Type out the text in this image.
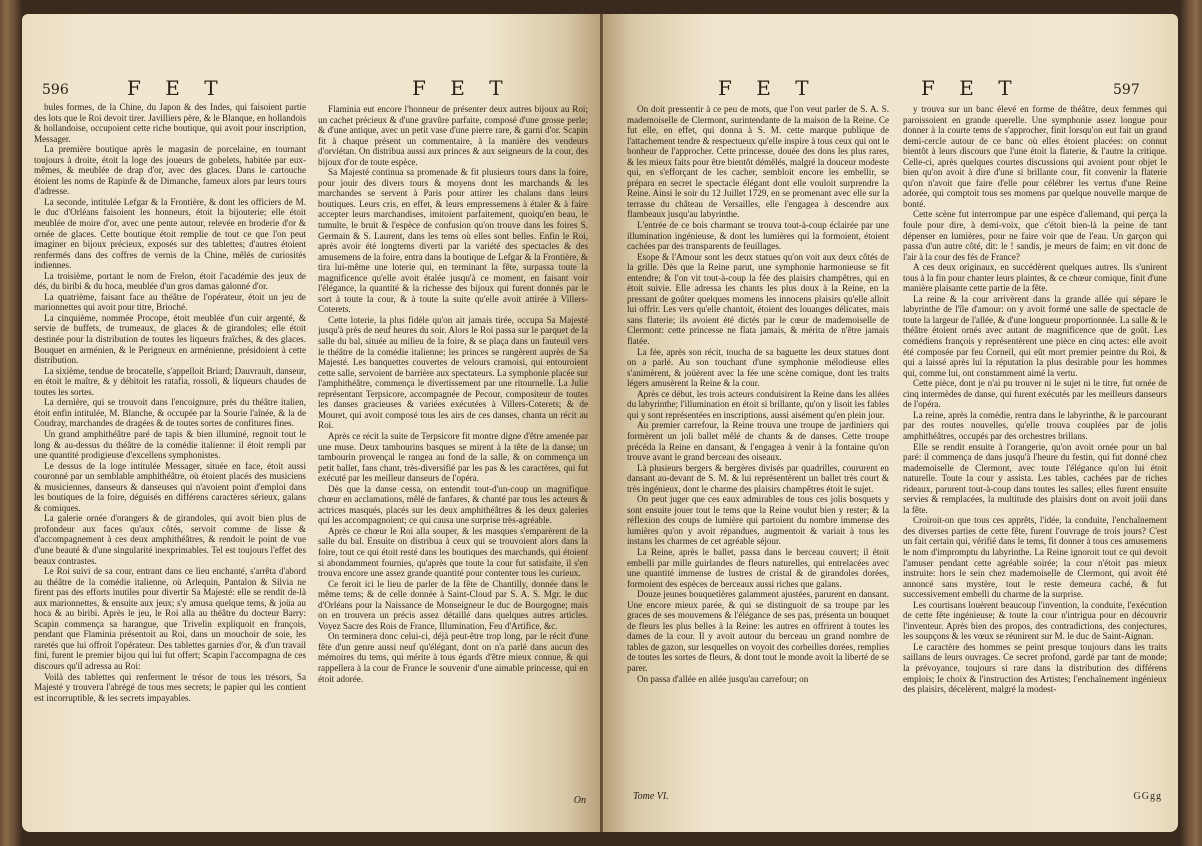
596	F E T	F E T

bules formes, de la Chine, du Japon & des Indes, qui faisoient partie des lots que le Roi devoit tirer. Javilliers père, & le Blanque, en hollandois & hollandoise, occupoient cette riche boutique, qui avoit pour inscription, Messager.

La première boutique après le magasin de porcelaine, en tournant toujours à droite, étoit la loge des joueurs de gobelets, habitée par eux-mêmes, & meublée de drap d'or, avec des glaces. Dans le cartouche étoient les noms de Rapinfe & de Dimanche, fameux alors par leurs tours d'adresse.

La seconde, intitulée Lefgar & la Frontière, & dont les officiers de M. le duc d'Orléans faisoient les honneurs, étoit la bijouterie; elle étoit meublée de moire d'or, avec une pente autour, relevée en broderie d'or & ornée de glaces. Cette boutique étoit remplie de tout ce que l'on peut imaginer en bijoux précieux, exposés sur des tablettes; d'autres étoient renfermés dans des coffres de vernis de la Chine, mêlés de curiosités indiennes.

La troisième, portant le nom de Frelon, étoit l'académie des jeux de dés, du biribi & du hoca, meublée d'un gros damas galonné d'or.

La quatrième, faisant face au théâtre de l'opérateur, étoit un jeu de marionnettes qui avoit pour titre, Brioché.

La cinquième, nommée Procope, étoit meublée d'un cuir argenté, & servie de buffets, de trumeaux, de glaces & de girandoles; elle étoit destinée pour la distribution de toutes les liqueurs fraîches, & des glaces. Bouquet en arménien, & le Perigneux en arménienne, présidoient à cette distribution.

La sixième, tendue de brocatelle, s'appelloit Briard; Dauvrault, danseur, en étoit le maître, & y débitoit les ratafia, rossoli, & liqueurs chaudes de toutes les sortes.

La dernière, qui se trouvoit dans l'encoignure, près du théâtre italien, étoit enfin intitulée, M. Blanche, & occupée par la Sourie l'aînée, & la de Coudray, marchandes de dragées & de toutes sortes de confitures fines.

Un grand amphithéâtre paré de tapis & bien illuminé, regnoit tout le long & au-dessus du théâtre de la comédie italienne: il étoit rempli par une quantité prodigieuse d'excellens symphonistes.

Le dessus de la loge intitulée Messager, située en face, étoit aussi couronné par un semblable amphithéâtre, où étoient placés des musiciens & musiciennes, danseurs & danseuses qui n'avoient point d'emploi dans les boutiques de la foire, déguisés en différens caractères sérieux, galans & comiques.

La galerie ornée d'orangers & de girandoles, qui avoit bien plus de profondeur aux faces qu'aux côtés, servoit comme de lisse & d'accompagnement à ces deux amphithéâtres, & rendoit le point de vue d'une beauté & d'une singularité inexprimables. Tel est toujours l'effet des beaux contrastes.

Le Roi suivi de sa cour, entrant dans ce lieu enchanté, s'arrêta d'abord au théâtre de la comédie italienne, où Arlequin, Pantalon & Silvia ne firent pas des efforts inutiles pour divertir Sa Majesté: elle se rendit de-là aux marionnettes, & ensuite aux jeux; s'y amusa quelque tems, & joüa au hoca & au biribi. Après le jeu, le Roi alla au théâtre du docteur Barry: Scapin commença sa harangue, que Trivelin expliquoit en françois, pendant que Flaminia présentoit au Roi, dans un mouchoir de soie, les raretés que lui offroit l'opérateur. Des tablettes garnies d'or, & d'un travail fini, furent le premier bijou qui lui fut offert; Scapin l'accompagna de ces discours qu'il adressa au Roi:

Voilà des tablettes qui renferment le trésor de tous les trésors, Sa Majesté y trouvera l'abrégé de tous mes secrets; le papier qui les contient est incorruptible, & les secrets impayables.

Flaminia eut encore l'honneur de présenter deux autres bijoux au Roi; un cachet précieux & d'une gravûre parfaite, composé d'une grosse perle; & d'une antique, avec un petit vase d'une pierre rare, & garni d'or. Scapin fit à chaque présent un commentaire, à la manière des vendeurs d'orviétan. On distribua aussi aux princes & aux seigneurs de la cour, des bijoux d'or de toute espèce.

Sa Majesté continua sa promenade & fit plusieurs tours dans la foire, pour jouir des divers tours & moyens dont les marchands & les marchandes se servent à Paris pour attirer les chalans dans leurs boutiques. Leurs cris, en effet, & leurs empressemens à étaler & à faire accepter leurs marchandises, imitoient parfaitement, quoiqu'en beau, le tumulte, le bruit & l'espèce de confusion qu'on trouve dans les foires S. Germain & S. Laurent, dans les tems où elles sont belles. Enfin le Roi, après avoir été longtems diverti par la variété des spectacles & des amusemens de la foire, entra dans la boutique de Lefgar & la Frontière, & tira lui-même une loterie qui, en terminant la fête, surpassa toute la magnificence qu'elle avoit étalée jusqu'à ce moment, en faisant voir l'élégance, la quantité & la richesse des bijoux qui furent donnés par le sort à toute la cour, & à toute la suite qu'elle avoit attirée à Villers-Coterets.

Cette loterie, la plus fidèle qu'on ait jamais tirée, occupa Sa Majesté jusqu'à près de neuf heures du soir. Alors le Roi passa sur le parquet de la salle du bal, située au milieu de la foire, & se plaça dans un fauteuil vers le théâtre de la comédie italienne; les princes se rangèrent auprès de Sa Majesté. Les banquettes couvertes de velours cramoisi, qui entouroient cette salle, servoient de barrière aux spectateurs. La symphonie placée sur l'amphithéâtre, commença le divertissement par une ritournelle. La Julie représentant Terpsicore, accompagnée de Pecour, compositeur de toutes les danses gracieuses & variées exécutées à Villers-Coterets; & de Mouret, qui avoit composé tous les airs de ces danses, chanta un récit au Roi.

Après ce récit la suite de Terpsicore fit montre digne d'être amenée par une muse. Deux tambourins basques se mirent à la tête de la danse; un tambourin provençal le rangea au fond de la salle, & on commença un petit ballet, fans chant, très-diversifié par les pas & les caractères, qui fut exécuté par les meilleur danseurs de l'opéra.

Dès que la danse cessa, on entendit tout-d'un-coup un magnifique chœur en acclamations, mêlé de fanfares, & chanté par tous les acteurs & actrices masqués, placés sur les deux amphithéâtres & les deux galeries qui les accompagnoient; ce qui causa une surprise très-agréable.

Après ce chœur le Roi alla souper, & les masques s'emparèrent de la salle du bal. Ensuite on distribua à ceux qui se trouvoient alors dans la foire, tout ce qui étoit resté dans les boutiques des marchands, qui étoient si abondamment fournies, qu'après que toute la cour fut satisfaite, il s'en trouva encore une assez grande quantité pour contenter tous les curieux.

Ce feroit ici le lieu de parler de la fête de Chantilly, donnée dans le même tems; & de celle donnée à Saint-Cloud par S. A. S. Mgr. le duc d'Orléans pour la Naissance de Monseigneur le duc de Bourgogne; mais on en trouvera un précis assez détaillé dans quelques autres articles. Voyez Sacre des Rois de France, Illumination, Feu d'Artifice, &c.

On terminera donc celui-ci, déjà peut-être trop long, par le récit d'une fête d'un genre aussi neuf qu'élégant, dont on n'a parlé dans aucun des mémoires du tems, qui mérite à tous égards d'être mieux connue, & qui rappellera à la cour de France le souvenir d'une aimable princesse, qui en étoit adorée.

On
F E T	F E T	597

On doit pressentir à ce peu de mots, que l'on veut parler de S. A. S. mademoiselle de Clermont, surintendante de la maison de la Reine. Ce fut elle, en effet, qui donna à S. M. cette marque publique de l'attachement tendre & respectueux qu'elle inspire à tous ceux qui ont le bonheur de l'approcher. Cette princesse, douée des dons les plus rares, & les mieux faits pour être bientôt démêlés, malgré la douceur modeste qui, en s'efforçant de les cacher, sembloit encore les embellir, se prépara en secret le spectacle élégant dont elle vouloit surprendre la Reine. Ainsi le soir du 12 Juillet 1729, en se promenant avec elle sur la terrasse du château de Versailles, elle l'engagea à descendre aux flambeaux jusqu'au labyrinthe.

L'entrée de ce bois charmant se trouva tout-à-coup éclairée par une illumination ingénieuse, & dont les lumières qui la formoient, étoient cachées par des transparents de feuillages.

Esope & l'Amour sont les deux statues qu'on voit aux deux côtés de la grille. Dès que la Reine parut, une symphonie harmonieuse se fit entendre; & l'on vit tout-à-coup la fée des plaisirs champêtres, qui en étoit suivie. Elle adressa les chants les plus doux à la Reine, en la pressant de goûter quelques momens les innocens plaisirs qu'elle alloit lui offrir. Les vers qu'elle chantoit, étoient des louanges délicates, mais sans flaterie; ils avoient été dictés par le cœur de mademoiselle de Clermont: cette princesse ne flata jamais, & mérita de n'être jamais flatée.

La fée, après son récit, toucha de sa baguette les deux statues dont on a parlé. Au son touchant d'une symphonie mélodieuse elles s'animèrent, & joüèrent avec la fée une scène comique, dont les traits légers amusèrent la Reine & la cour.

Après ce début, les trois acteurs conduisirent la Reine dans les allées du labyrinthe; l'illumination en étoit si brillante, qu'on y lisoit les fables qui y sont représentées en inscriptions, aussi aisément qu'en plein jour.

Au premier carrefour, la Reine trouva une troupe de jardiniers qui formèrent un joli ballet mêlé de chants & de danses. Cette troupe précéda la Reine en dansant, & l'engagea à venir à la fontaine qu'on trouve avant le grand berceau des oiseaux.

Là plusieurs bergers & bergères divisés par quadrilles, coururent en dansant au-devant de S. M. & lui représentèrent un ballet très court & très ingénieux, dont le charme des plaisirs champêtres étoit le sujet.

On peut juger que ces eaux admirables de tous ces jolis bosquets y sont ensuite jouer tout le tems que la Reine voulut bien y rester; & la réflexion des coups de lumière qui partoient du nombre immense des lumières qu'on y avoit répandues, augmentoit & variait à tous les instans les charmes de cet agréable séjour.

La Reine, après le ballet, passa dans le berceau couvert; il étoit embelli par mille guirlandes de fleurs naturelles, qui entrelacées avec une quantité immense de lustres de cristal & de girandoles dorées, formoient des espèces de berceaux aussi riches que galans.

Douze jeunes bouquetières galamment ajustées, parurent en dansant. Une encore mieux parée, & qui se distinguoit de sa troupe par les graces de ses mouvemens & l'élégance de ses pas, présenta un bouquet de fleurs les plus belles à la Reine: les autres en offrirent à toutes les dames de la cour. Il y avoit autour du berceau un grand nombre de tables de gazon, sur lesquelles on voyoit des corbeilles dorées, remplies de toutes les sortes de fleurs, & dont tout le monde avoit la liberté de se parer.

On passa d'allée en allée jusqu'au carrefour; on

y trouva sur un banc élevé en forme de théâtre, deux femmes qui paroissoient en grande querelle. Une symphonie assez longue pour donner à la courte tems de s'approcher, finit lorsqu'on eut fait un grand demi-cercle autour de ce banc où elles étoient placées: on connut bientôt à leurs discours que l'une étoit la flaterie, & l'autre la critique. Celle-ci, après quelques courtes discussions qui avoient pour objet le bien qu'on avoit à dire d'une si brillante cour, fit convenir la flaterie qu'on n'avoit que faire d'elle pour célébrer les vertus d'une Reine adorée, qui comptoit tous ses momens par quelque nouvelle marque de bonté.

Cette scène fut interrompue par une espèce d'allemand, qui perça la foule pour dire, à demi-voix, que c'étoit bien-là la peine de tant dépenser en lumières, pour ne faire voir que de l'eau. Un garçon qui passa d'un autre côté, dit: le ! sandis, je meurs de faim; en vit donc de l'air à la cour des fés de France?

A ces deux originaux, en succédèrent quelques autres. Ils s'unirent tous à la fin pour chanter leurs plaintes, & ce chœur comique, finit d'une manière plaisante cette partie de la fête.

La reine & la cour arrivèrent dans la grande allée qui sépare le labyrinthe de l'île d'amour: on y avoit formé une salle de spectacle de toute la largeur de l'allée, & d'une longueur proportionnée. La salle & le théâtre étoient ornés avec autant de magnificence que de goût. Les comédiens françois y représentèrent une pièce en cinq actes: elle avoit été composée par feu Corneil, qui eût mort premier peintre du Roi, & qui a laissé après lui la réputation la plus desirable pour les hommes qui, comme lui, ont constamment aimé la vertu.

Cette pièce, dont je n'ai pu trouver ni le sujet ni le titre, fut ornée de cinq intermèdes de danse, qui furent exécutés par les meilleurs danseurs de l'opéra.

La reine, après la comédie, rentra dans le labyrinthe, & le parcourant par des routes nouvelles, qu'elle trouva couplées par de jolis amphithéâtres, occupés par des orchestres brillans.

Elle se rendit ensuite à l'orangerie, qu'on avoit ornée pour un bal paré: il commença de dans jusqu'à l'heure du festin, qui fut donné chez mademoiselle de Clermont, avec toute l'élégance qu'on lui étoit naturelle. Toute la cour y assista. Les tables, cachées par de riches rideaux, parurent tout-à-coup dans toutes les salles; elles furent ensuite servies & remplacées, la multitude des plaisirs dont on avoit joüi dans la fête.

Croiroit-on que tous ces apprêts, l'idée, la conduite, l'enchaînement des diverses parties de cette fête, furent l'ouvrage de trois jours? C'est un fait certain qui, vérifié dans le tems, fit donner à tous ces amusemens le nom d'impromptu du labyrinthe. La Reine ignoroit tout ce qui devoit l'amuser pendant cette agréable soirée; la cour n'étoit pas mieux instruite: hors le sein chez mademoiselle de Clermont, qui avoit été annoncé sans mystère, tout le reste demeura caché, & fut successivement embelli du charme de la surprise.

Les courtisans louèrent beaucoup l'invention, la conduite, l'exécution de cette fête ingénieuse; & toute la cour n'intrigua pour en découvrir l'inventeur. Après bien des propos, des contradictions, des conjectures, les soupçons & les vœux se réunirent sur M. le duc de Saint-Aignan.

Le caractère des hommes se peint presque toujours dans les traits saillans de leurs ouvrages. Ce secret profond, gardé par tant de monde; la prévoyance, toujours si rare dans la distribution des différens emplois; le choix & l'instruction des Artistes; l'enchaînement ingénieux des plaisirs, décelèrent, malgré la modest-

Tome VI.	GGgg
